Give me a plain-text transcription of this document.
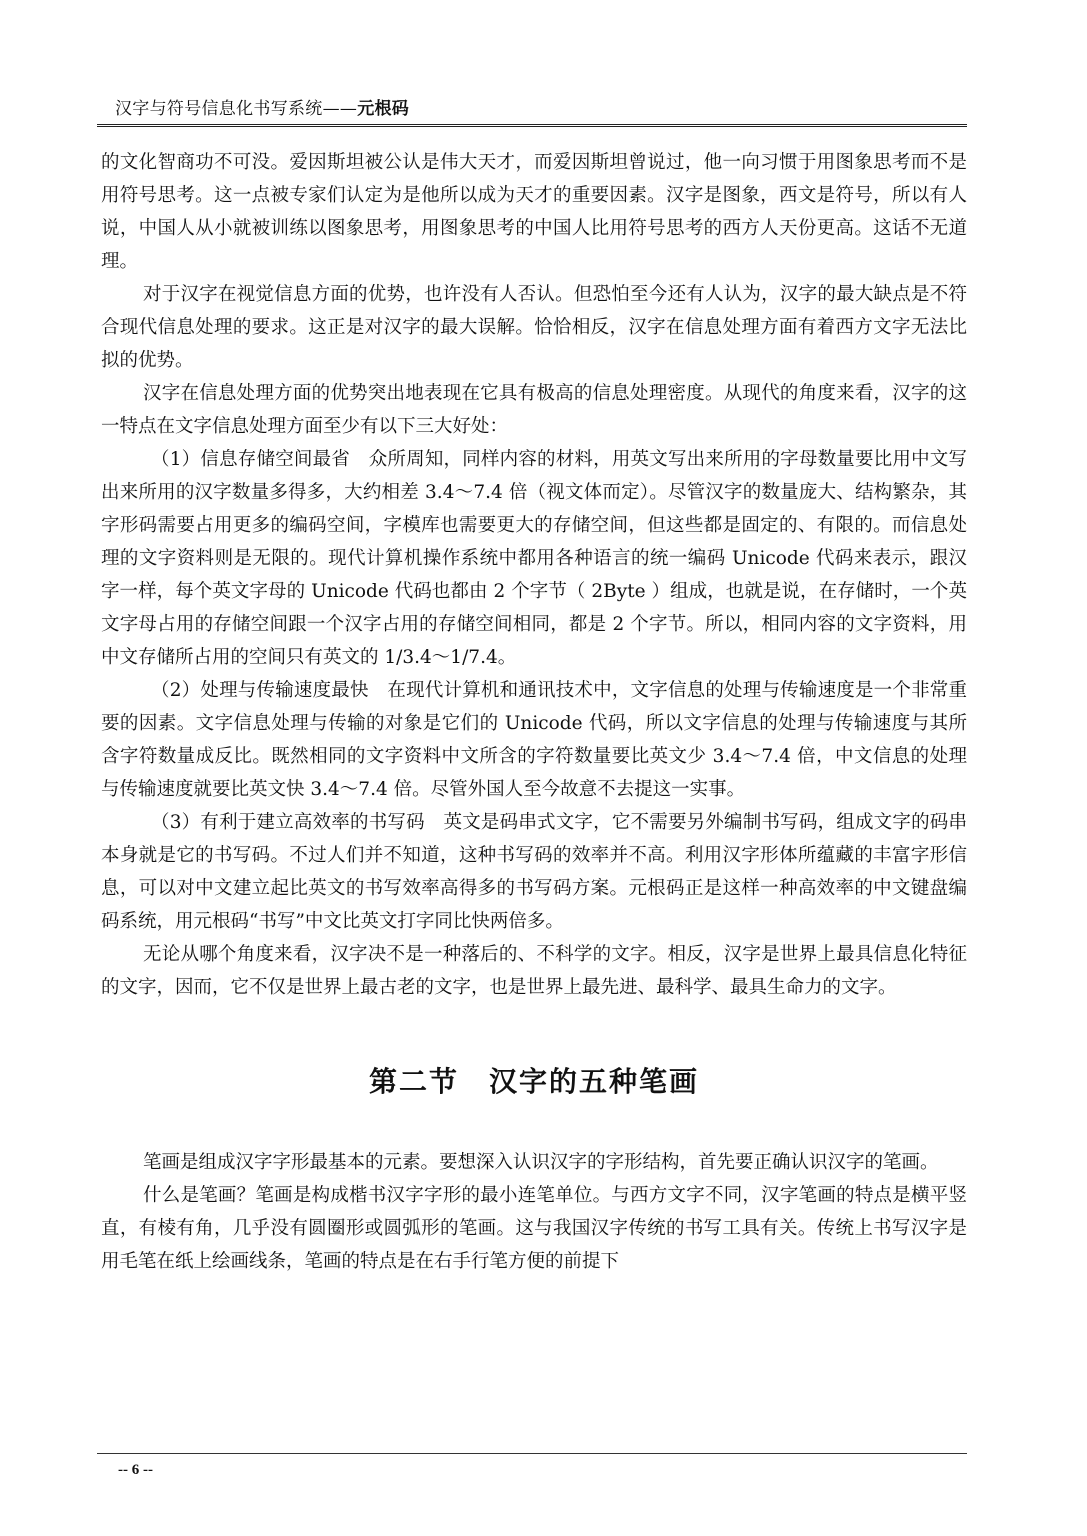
汉字与符号信息化书写系统——元根码

的文化智商功不可没。爱因斯坦被公认是伟大天才，而爱因斯坦曾说过，他一向习惯于用图象思考而不是用符号思考。这一点被专家们认定为是他所以成为天才的重要因素。汉字是图象，西文是符号，所以有人说，中国人从小就被训练以图象思考，用图象思考的中国人比用符号思考的西方人天份更高。这话不无道理。

对于汉字在视觉信息方面的优势，也许没有人否认。但恐怕至今还有人认为，汉字的最大缺点是不符合现代信息处理的要求。这正是对汉字的最大误解。恰恰相反，汉字在信息处理方面有着西方文字无法比拟的优势。

汉字在信息处理方面的优势突出地表现在它具有极高的信息处理密度。从现代的角度来看，汉字的这一特点在文字信息处理方面至少有以下三大好处：

（1）信息存储空间最省　众所周知，同样内容的材料，用英文写出来所用的字母数量要比用中文写出来所用的汉字数量多得多，大约相差 3.4～7.4 倍（视文体而定）。尽管汉字的数量庞大、结构繁杂，其字形码需要占用更多的编码空间，字模库也需要更大的存储空间，但这些都是固定的、有限的。而信息处理的文字资料则是无限的。现代计算机操作系统中都用各种语言的统一编码 Unicode 代码来表示，跟汉字一样，每个英文字母的 Unicode 代码也都由 2 个字节（ 2Byte ）组成，也就是说，在存储时，一个英文字母占用的存储空间跟一个汉字占用的存储空间相同，都是 2 个字节。所以，相同内容的文字资料，用中文存储所占用的空间只有英文的 1/3.4～1/7.4。

（2）处理与传输速度最快　在现代计算机和通讯技术中，文字信息的处理与传输速度是一个非常重要的因素。文字信息处理与传输的对象是它们的 Unicode 代码，所以文字信息的处理与传输速度与其所含字符数量成反比。既然相同的文字资料中文所含的字符数量要比英文少 3.4～7.4 倍，中文信息的处理与传输速度就要比英文快 3.4～7.4 倍。尽管外国人至今故意不去提这一实事。

（3）有利于建立高效率的书写码　英文是码串式文字，它不需要另外编制书写码，组成文字的码串本身就是它的书写码。不过人们并不知道，这种书写码的效率并不高。利用汉字形体所蕴藏的丰富字形信息，可以对中文建立起比英文的书写效率高得多的书写码方案。元根码正是这样一种高效率的中文键盘编码系统，用元根码“书写”中文比英文打字同比快两倍多。

无论从哪个角度来看，汉字决不是一种落后的、不科学的文字。相反，汉字是世界上最具信息化特征的文字，因而，它不仅是世界上最古老的文字，也是世界上最先进、最科学、最具生命力的文字。

第二节　汉字的五种笔画

笔画是组成汉字字形最基本的元素。要想深入认识汉字的字形结构，首先要正确认识汉字的笔画。

什么是笔画？笔画是构成楷书汉字字形的最小连笔单位。与西方文字不同，汉字笔画的特点是横平竖直，有棱有角，几乎没有圆圈形或圆弧形的笔画。这与我国汉字传统的书写工具有关。传统上书写汉字是用毛笔在纸上绘画线条，笔画的特点是在右手行笔方便的前提下

-- 6 --
